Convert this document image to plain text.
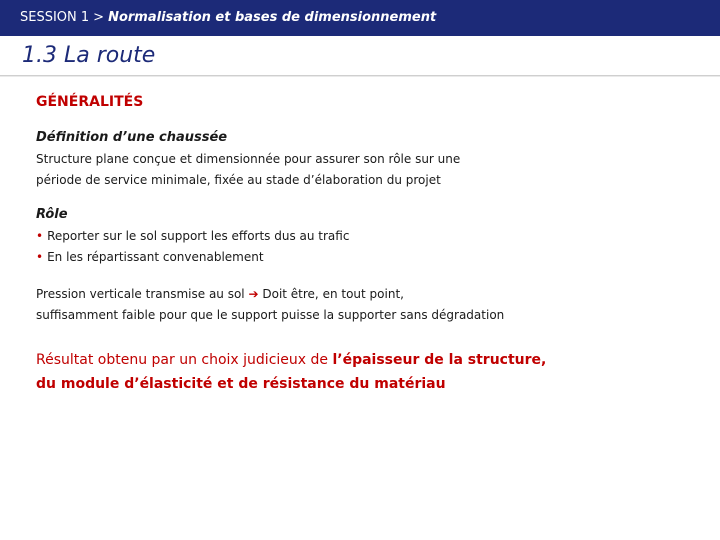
SESSION 1 > Normalisation et bases de dimensionnement
1.3 La route

GÉNÉRALITÉS

Définition d’une chaussée

Structure plane conçue et dimensionnée pour assurer son rôle sur une

période de service minimale, fixée au stade d’élaboration du projet

Rôle

• Reporter sur le sol support les efforts dus au trafic

• En les répartissant convenablement

Pression verticale transmise au sol ➔ Doit être, en tout point,

suffisamment faible pour que le support puisse la supporter sans dégradation

Résultat obtenu par un choix judicieux de l’épaisseur de la structure,
du module d’élasticité et de résistance du matériau
